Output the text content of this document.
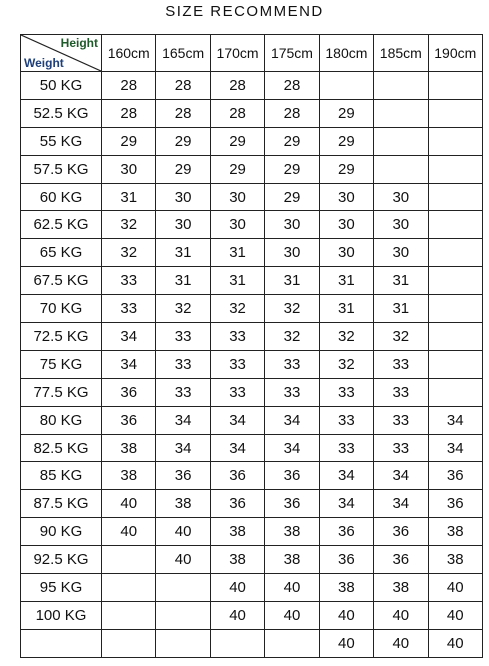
SIZE RECOMMEND
Height
Weight	160cm	165cm	170cm	175cm	180cm	185cm	190cm
50 KG	28	28	28	28			
52.5 KG	28	28	28	28	29		
55 KG	29	29	29	29	29		
57.5 KG	30	29	29	29	29		
60 KG	31	30	30	29	30	30	
62.5 KG	32	30	30	30	30	30	
65 KG	32	31	31	30	30	30	
67.5 KG	33	31	31	31	31	31	
70 KG	33	32	32	32	31	31	
72.5 KG	34	33	33	32	32	32	
75 KG	34	33	33	33	32	33	
77.5 KG	36	33	33	33	33	33	
80 KG	36	34	34	34	33	33	34
82.5 KG	38	34	34	34	33	33	34
85 KG	38	36	36	36	34	34	36
87.5 KG	40	38	36	36	34	34	36
90 KG	40	40	38	38	36	36	38
92.5 KG		40	38	38	36	36	38
95 KG			40	40	38	38	40
100 KG			40	40	40	40	40
					40	40	40
